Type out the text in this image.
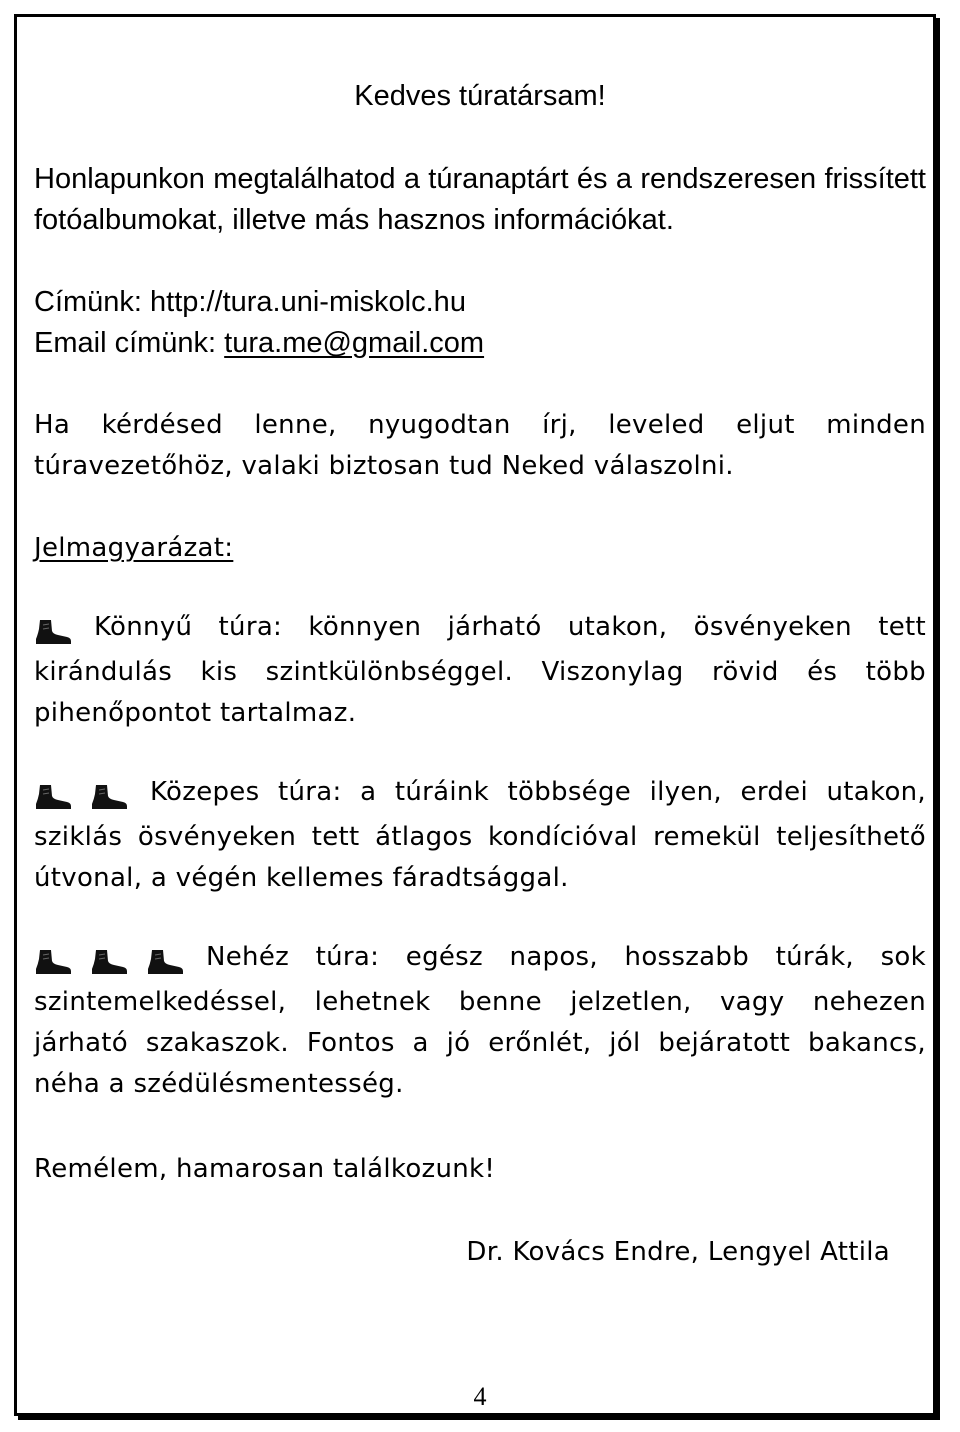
Kedves túratársam!

Honlapunkon megtalálhatod a túranaptárt és a rendszeresen frissített fotóalbumokat, illetve más hasznos információkat.

Címünk: http://tura.uni-miskolc.hu
Email címünk: tura.me@gmail.com

Ha kérdésed lenne, nyugodtan írj, leveled eljut minden túravezetőhöz, valaki biztosan tud Neked válaszolni.

Jelmagyarázat:

Könnyű túra: könnyen járható utakon, ösvényeken tett kirándulás kis szintkülönbséggel. Viszonylag rövid és több pihenőpontot tartalmaz.

Közepes túra: a túráink többsége ilyen, erdei utakon, sziklás ösvényeken tett átlagos kondícióval remekül teljesíthető útvonal, a végén kellemes fáradtsággal.

Nehéz túra: egész napos, hosszabb túrák, sok szintemelkedéssel, lehetnek benne jelzetlen, vagy nehezen járható szakaszok. Fontos a jó erőnlét, jól bejáratott bakancs, néha a szédülésmentesség.

Remélem, hamarosan találkozunk!

Dr. Kovács Endre, Lengyel Attila

4
